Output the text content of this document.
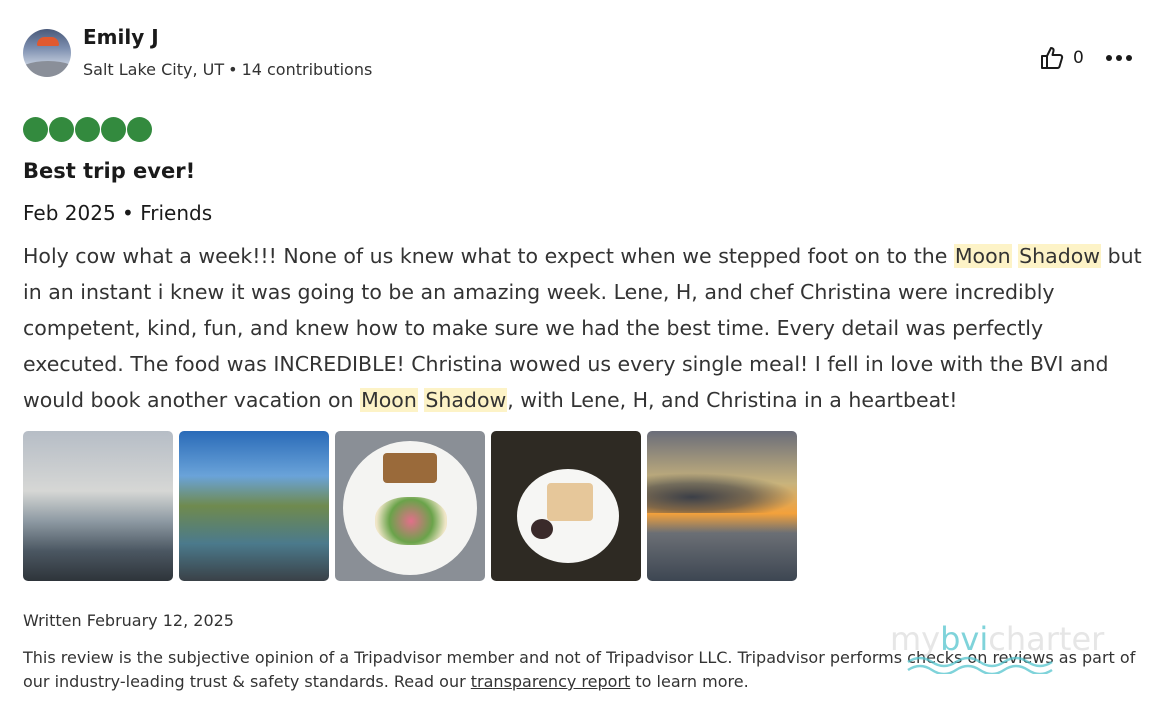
Emily J
Salt Lake City, UT • 14 contributions
0
Best trip ever!
Feb 2025 • Friends
Holy cow what a week!!! None of us knew what to expect when we stepped foot on to the Moon Shadow but in an instant i knew it was going to be an amazing week. Lene, H, and chef Christina were incredibly competent, kind, fun, and knew how to make sure we had the best time. Every detail was perfectly executed. The food was INCREDIBLE! Christina wowed us every single meal! I fell in love with the BVI and would book another vacation on Moon Shadow, with Lene, H, and Christina in a heartbeat!
Written February 12, 2025
This review is the subjective opinion of a Tripadvisor member and not of Tripadvisor LLC. Tripadvisor performs checks on reviews as part of our industry-leading trust & safety standards. Read our transparency report to learn more.
mybvicharter
